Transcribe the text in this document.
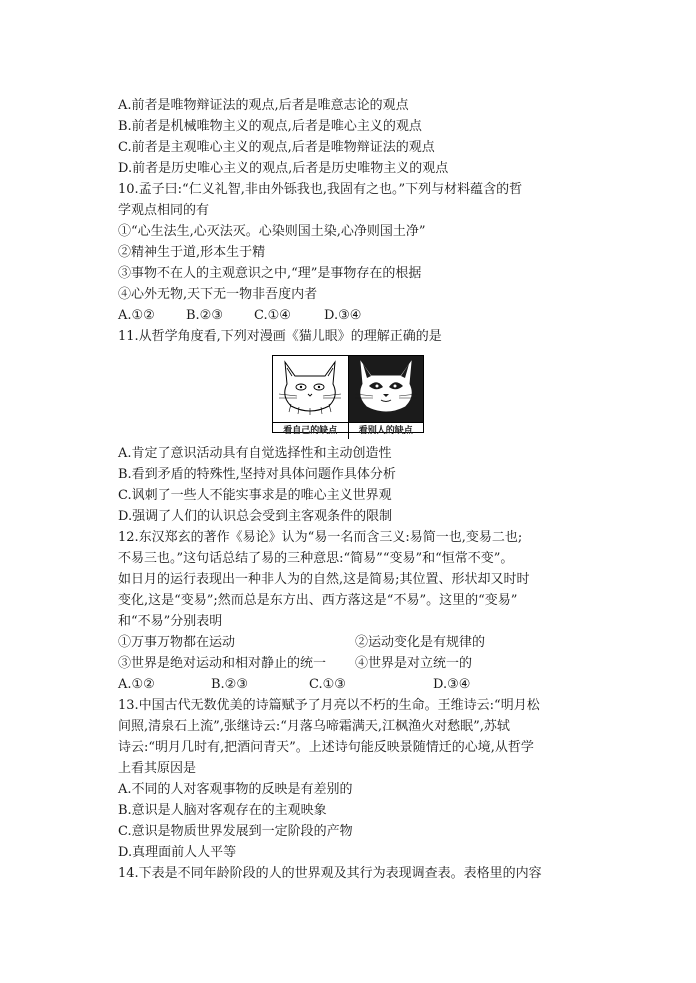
A.前者是唯物辩证法的观点,后者是唯意志论的观点
B.前者是机械唯物主义的观点,后者是唯心主义的观点
C.前者是主观唯心主义的观点,后者是唯物辩证法的观点
D.前者是历史唯心主义的观点,后者是历史唯物主义的观点
10.孟子曰:“仁义礼智,非由外铄我也,我固有之也。”下列与材料蕴含的哲
学观点相同的有
①“心生法生,心灭法灭。心染则国土染,心净则国土净”
②精神生于道,形本生于精
③事物不在人的主观意识之中,“理”是事物存在的根据
④心外无物,天下无一物非吾度内者
A.①②	B.②③	C.①④	D.③④
11.从哲学角度看,下列对漫画《猫儿眼》的理解正确的是
看自己的缺点	看别人的缺点
A.肯定了意识活动具有自觉选择性和主动创造性
B.看到矛盾的特殊性,坚持对具体问题作具体分析
C.讽刺了一些人不能实事求是的唯心主义世界观
D.强调了人们的认识总会受到主客观条件的限制
12.东汉郑玄的著作《易论》认为“易一名而含三义:易简一也,变易二也;
不易三也。”这句话总结了易的三种意思:“简易”“变易”和“恒常不变”。
如日月的运行表现出一种非人为的自然,这是简易;其位置、形状却又时时
变化,这是“变易”;然而总是东方出、西方落这是“不易”。这里的“变易”
和“不易”分别表明
①万事万物都在运动	②运动变化是有规律的
③世界是绝对运动和相对静止的统一	④世界是对立统一的
A.①②	B.②③	C.①③	D.③④
13.中国古代无数优美的诗篇赋予了月亮以不朽的生命。王维诗云:“明月松
间照,清泉石上流”,张继诗云:“月落乌啼霜满天,江枫渔火对愁眠”,苏轼
诗云:“明月几时有,把酒问青天”。上述诗句能反映景随情迁的心境,从哲学
上看其原因是
A.不同的人对客观事物的反映是有差别的
B.意识是人脑对客观存在的主观映象
C.意识是物质世界发展到一定阶段的产物
D.真理面前人人平等
14.下表是不同年龄阶段的人的世界观及其行为表现调查表。表格里的内容
